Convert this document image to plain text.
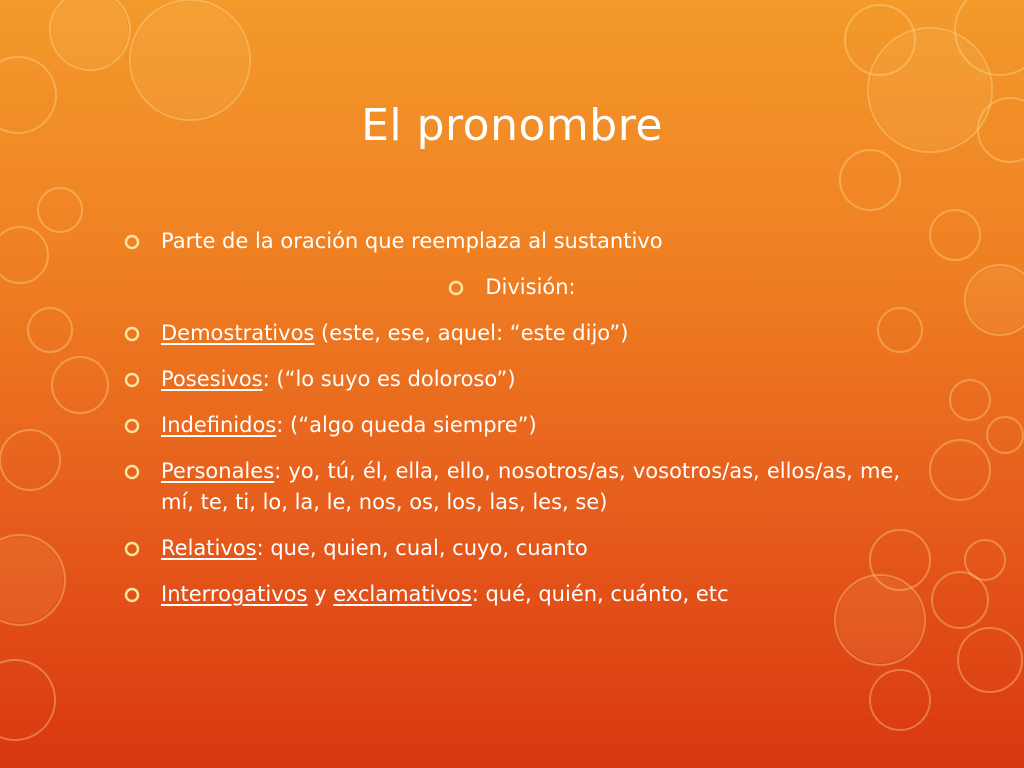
El pronombre
Parte de la oración que reemplaza al sustantivo
División:
Demostrativos (este, ese, aquel: “este dijo”)
Posesivos: (“lo suyo es doloroso”)
Indefinidos: (“algo queda siempre”)
Personales: yo, tú, él, ella, ello, nosotros/as, vosotros/as, ellos/as, me, mí, te, ti, lo, la, le, nos, os, los, las, les, se)
Relativos: que, quien, cual, cuyo, cuanto
Interrogativos y exclamativos: qué, quién, cuánto, etc
